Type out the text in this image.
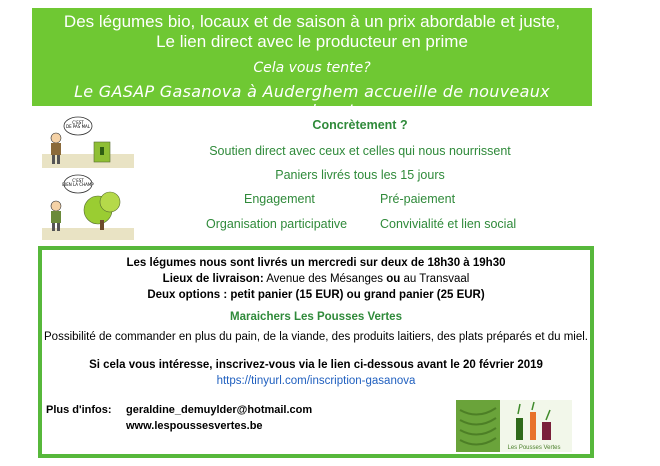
Des légumes bio, locaux et de saison à un prix abordable et juste,
Le lien direct avec le producteur en prime
Cela vous tente?
Le GASAP Gasanova à Auderghem accueille de nouveaux membres!
C'EST DE PAS MAL
C'EST BIEN LA CHAMP
Concrètement ?
Soutien direct avec ceux et celles qui nous nourrissent
Paniers livrés tous les 15 jours
Engagement	Pré-paiement
Organisation participative	Convivialité et lien social
Les légumes nous sont livrés un mercredi sur deux de 18h30 à 19h30
Lieux de livraison: Avenue des Mésanges ou au Transvaal
Deux options : petit panier (15 EUR) ou grand panier (25 EUR)
Maraichers Les Pousses Vertes
Possibilité de commander en plus du pain, de la viande, des produits laitiers, des plats préparés et du miel.
Si cela vous intéresse, inscrivez-vous via le lien ci-dessous avant le 20 février 2019
https://tinyurl.com/inscription-gasanova
Plus d'infos: geraldine_demuylder@hotmail.com
www.lespoussesvertes.be
Les Pousses Vertes
